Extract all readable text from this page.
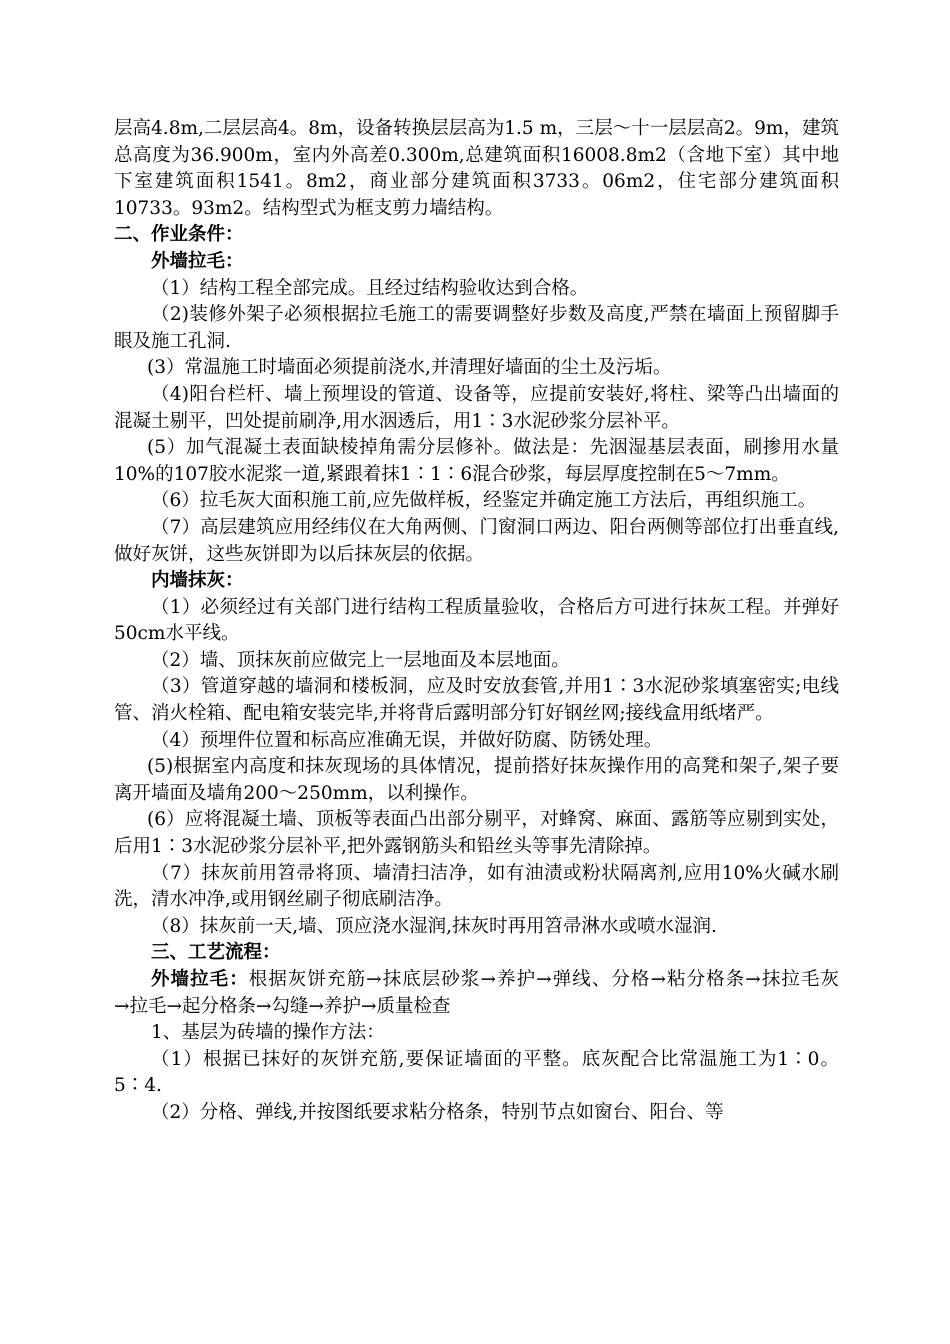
层高4.8m,二层层高4。8m，设备转换层层高为1.5 m，三层～十一层层高2。9m，建筑总高度为36.900m，室内外高差0.300m,总建筑面积16008.8m2（含地下室）其中地下室建筑面积1541。8m2，商业部分建筑面积3733。06m2，住宅部分建筑面积10733。93m2。结构型式为框支剪力墙结构。

二、作业条件：

外墙拉毛：

（1）结构工程全部完成。且经过结构验收达到合格。

（2)装修外架子必须根据拉毛施工的需要调整好步数及高度,严禁在墙面上预留脚手眼及施工孔洞.

(3）常温施工时墙面必须提前浇水,并清理好墙面的尘土及污垢。

（4)阳台栏杆、墙上预埋设的管道、设备等，应提前安装好,将柱、梁等凸出墙面的混凝土剔平，凹处提前刷净,用水洇透后，用1∶3水泥砂浆分层补平。

(5）加气混凝土表面缺棱掉角需分层修补。做法是：先洇湿基层表面，刷掺用水量10%的107胶水泥浆一道,紧跟着抹1∶1∶6混合砂浆，每层厚度控制在5～7mm。

（6）拉毛灰大面积施工前,应先做样板，经鉴定并确定施工方法后，再组织施工。

（7）高层建筑应用经纬仪在大角两侧、门窗洞口两边、阳台两侧等部位打出垂直线,做好灰饼，这些灰饼即为以后抹灰层的依据。

内墙抹灰：

（1）必须经过有关部门进行结构工程质量验收，合格后方可进行抹灰工程。并弹好50cm水平线。

（2）墙、顶抹灰前应做完上一层地面及本层地面。

（3）管道穿越的墙洞和楼板洞，应及时安放套管,并用1∶3水泥砂浆填塞密实;电线管、消火栓箱、配电箱安装完毕,并将背后露明部分钉好钢丝网;接线盒用纸堵严。

（4）预埋件位置和标高应准确无误，并做好防腐、防锈处理。

(5)根据室内高度和抹灰现场的具体情况，提前搭好抹灰操作用的高凳和架子,架子要离开墙面及墙角200～250mm，以利操作。

(6）应将混凝土墙、顶板等表面凸出部分剔平，对蜂窝、麻面、露筋等应剔到实处，后用1∶3水泥砂浆分层补平,把外露钢筋头和铅丝头等事先清除掉。

（7）抹灰前用笤帚将顶、墙清扫洁净，如有油渍或粉状隔离剂,应用10%火碱水刷洗，清水冲净,或用钢丝刷子彻底刷洁净。

（8）抹灰前一天,墙、顶应浇水湿润,抹灰时再用笤帚淋水或喷水湿润.

三、工艺流程：

外墙拉毛：根据灰饼充筋→抹底层砂浆→养护→弹线、分格→粘分格条→抹拉毛灰　　→拉毛→起分格条→勾缝→养护→质量检查

1、基层为砖墙的操作方法：

（1）根据已抹好的灰饼充筋,要保证墙面的平整。底灰配合比常温施工为1∶0。5∶4.

（2）分格、弹线,并按图纸要求粘分格条，特别节点如窗台、阳台、等
